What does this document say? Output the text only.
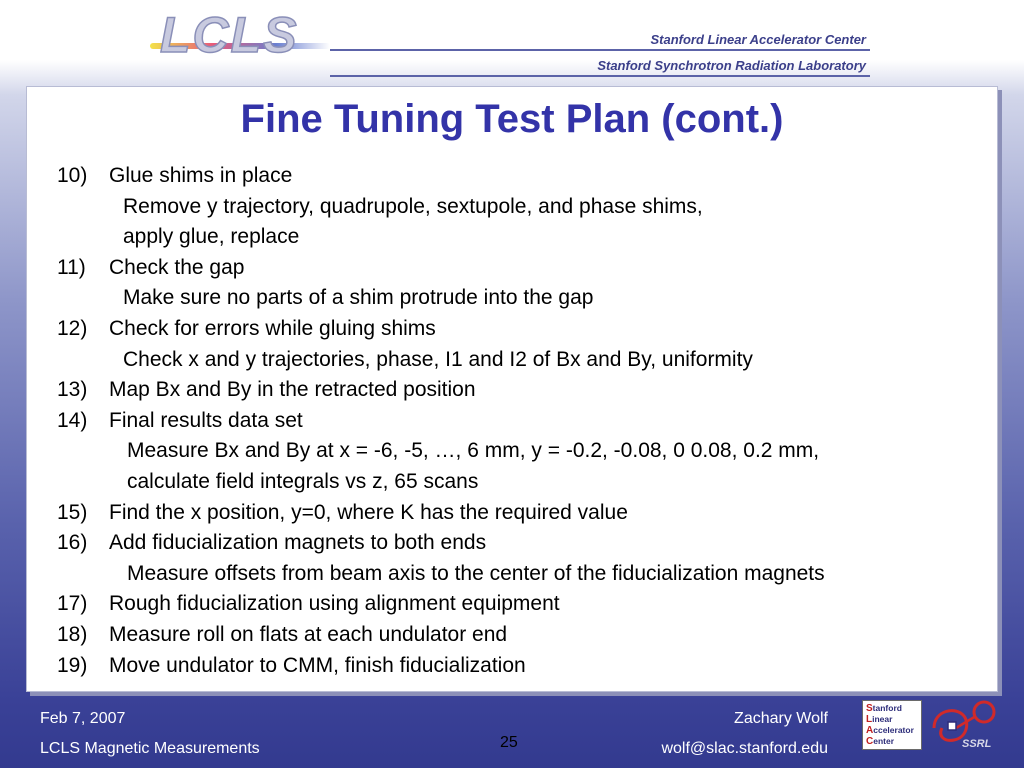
LCLS	Stanford Linear Accelerator Center
Stanford Synchrotron Radiation Laboratory
Fine Tuning Test Plan (cont.)
10) Glue shims in place
Remove y trajectory, quadrupole, sextupole, and phase shims,
apply glue, replace
11) Check the gap
Make sure no parts of a shim protrude into the gap
12) Check for errors while gluing shims
Check x and y trajectories, phase, I1 and I2 of Bx and By, uniformity
13) Map Bx and By in the retracted position
14) Final results data set
Measure Bx and By at x = -6, -5, …, 6 mm, y = -0.2, -0.08, 0 0.08, 0.2 mm,
calculate field integrals vs z, 65 scans
15) Find the x position, y=0, where K has the required value
16) Add fiducialization magnets to both ends
Measure offsets from beam axis to the center of the fiducialization magnets
17) Rough fiducialization using alignment equipment
18) Measure roll on flats at each undulator end
19) Move undulator to CMM, finish fiducialization
Feb 7, 2007
LCLS Magnetic Measurements	25
Zachary Wolf
wolf@slac.stanford.edu
Stanford
Linear
Accelerator
Center	SSRL
